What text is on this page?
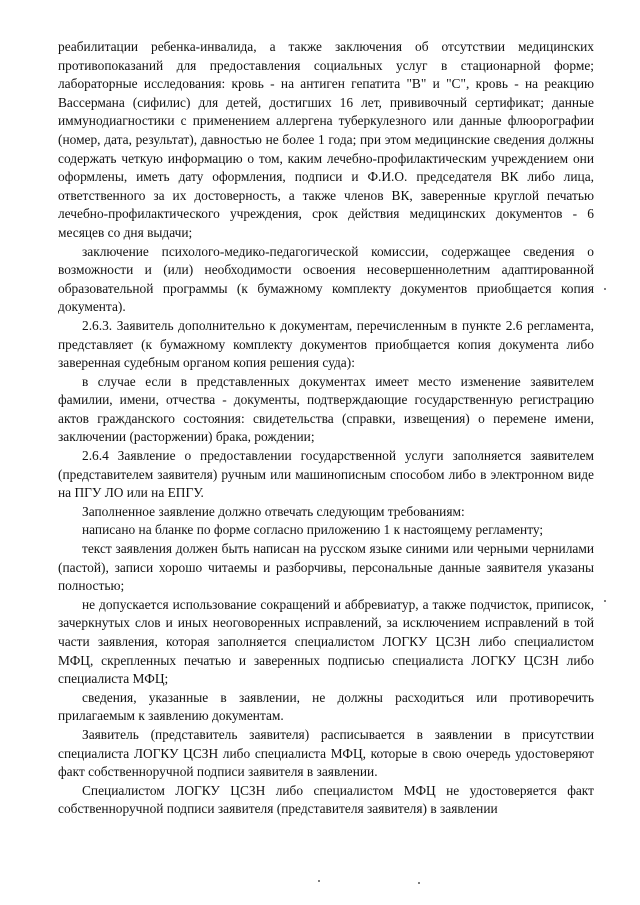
реабилитации ребенка-инвалида, а также заключения об отсутствии медицинских противопоказаний для предоставления социальных услуг в стационарной форме; лабораторные исследования: кровь - на антиген гепатита "В" и "С", кровь - на реакцию Вассермана (сифилис) для детей, достигших 16 лет, прививочный сертификат; данные иммунодиагностики с применением аллергена туберкулезного или данные флюорографии (номер, дата, результат), давностью не более 1 года; при этом медицинские сведения должны содержать четкую информацию о том, каким лечебно-профилактическим учреждением они оформлены, иметь дату оформления, подписи и Ф.И.О. председателя ВК либо лица, ответственного за их достоверность, а также членов ВК, заверенные круглой печатью лечебно-профилактического учреждения, срок действия медицинских документов - 6 месяцев со дня выдачи;

заключение психолого-медико-педагогической комиссии, содержащее сведения о возможности и (или) необходимости освоения несовершеннолетним адаптированной образовательной программы (к бумажному комплекту документов приобщается копия документа).

2.6.3. Заявитель дополнительно к документам, перечисленным в пункте 2.6 регламента, представляет (к бумажному комплекту документов приобщается копия документа либо заверенная судебным органом копия решения суда):

в случае если в представленных документах имеет место изменение заявителем фамилии, имени, отчества - документы, подтверждающие государственную регистрацию актов гражданского состояния: свидетельства (справки, извещения) о перемене имени, заключении (расторжении) брака, рождении;

2.6.4 Заявление о предоставлении государственной услуги заполняется заявителем (представителем заявителя) ручным или машинописным способом либо в электронном виде на ПГУ ЛО или на ЕПГУ.

Заполненное заявление должно отвечать следующим требованиям:

написано на бланке по форме согласно приложению 1 к настоящему регламенту;

текст заявления должен быть написан на русском языке синими или черными чернилами (пастой), записи хорошо читаемы и разборчивы, персональные данные заявителя указаны полностью;

не допускается использование сокращений и аббревиатур, а также подчисток, приписок, зачеркнутых слов и иных неоговоренных исправлений, за исключением исправлений в той части заявления, которая заполняется специалистом ЛОГКУ ЦСЗН либо специалистом МФЦ, скрепленных печатью и заверенных подписью специалиста ЛОГКУ ЦСЗН либо специалиста МФЦ;

сведения, указанные в заявлении, не должны расходиться или противоречить прилагаемым к заявлению документам.

Заявитель (представитель заявителя) расписывается в заявлении в присутствии специалиста ЛОГКУ ЦСЗН либо специалиста МФЦ, которые в свою очередь удостоверяют факт собственноручной подписи заявителя в заявлении.

Специалистом ЛОГКУ ЦСЗН либо специалистом МФЦ не удостоверяется факт собственноручной подписи заявителя (представителя заявителя) в заявлении
